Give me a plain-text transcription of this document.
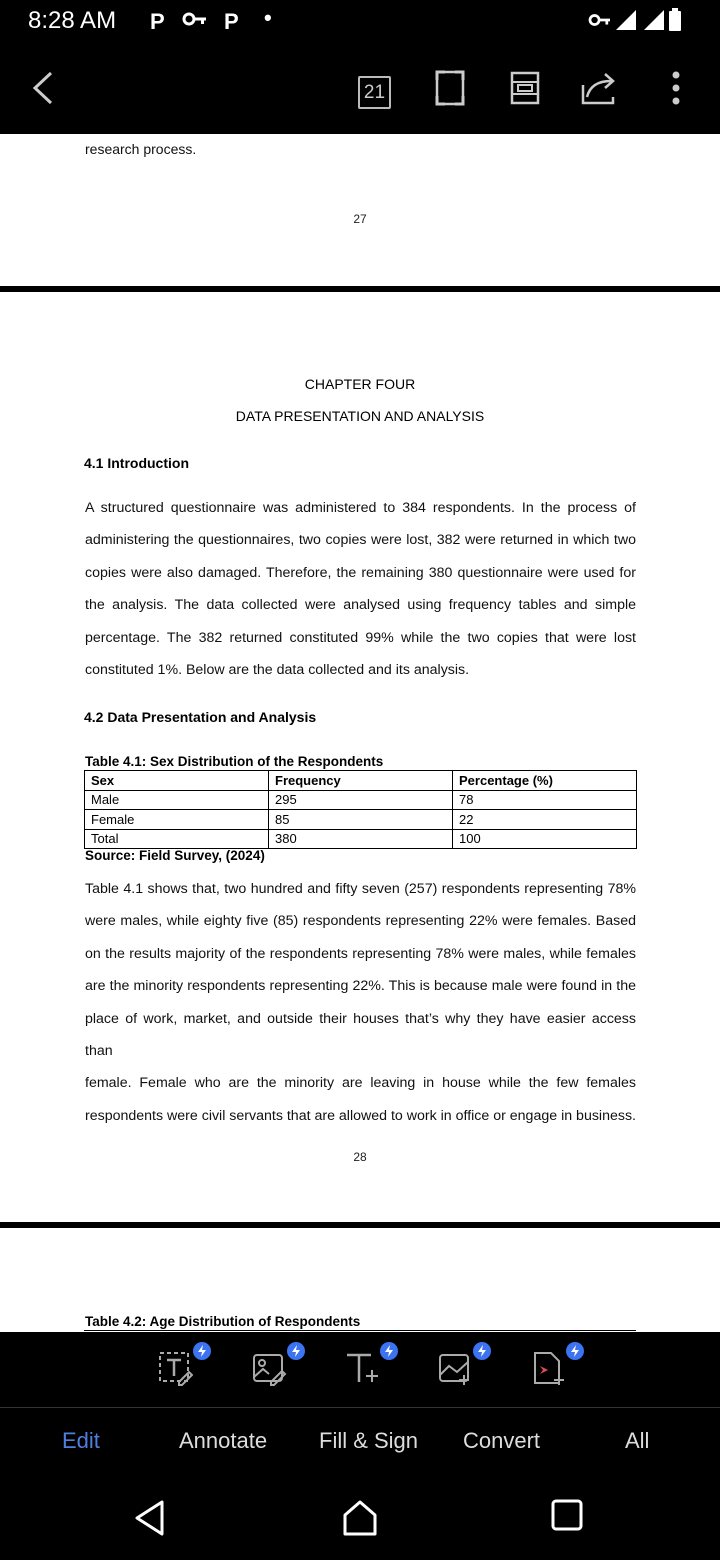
8:28 AM P	P •
21
research process.
27
CHAPTER FOUR
DATA PRESENTATION AND ANALYSIS
4.1 Introduction
A structured questionnaire was administered to 384 respondents. In the process of
administering the questionnaires, two copies were lost, 382 were returned in which two
copies were also damaged. Therefore, the remaining 380 questionnaire were used for
the analysis. The data collected were analysed using frequency tables and simple
percentage. The 382 returned constituted 99% while the two copies that were lost
constituted 1%. Below are the data collected and its analysis.
4.2 Data Presentation and Analysis
Table 4.1: Sex Distribution of the Respondents
Sex	Frequency	Percentage (%)
Male	295	78
Female	85	22
Total	380	100
Source: Field Survey, (2024)
Table 4.1 shows that, two hundred and fifty seven (257) respondents representing 78%
were males, while eighty five (85) respondents representing 22% were females. Based
on the results majority of the respondents representing 78% were males, while females
are the minority respondents representing 22%. This is because male were found in the
place of work, market, and outside their houses that’s why they have easier access than
female. Female who are the minority are leaving in house while the few females
respondents were civil servants that are allowed to work in office or engage in business.
28
Table 4.2: Age Distribution of Respondents
Edit	Annotate Fill & Sign Convert	All
